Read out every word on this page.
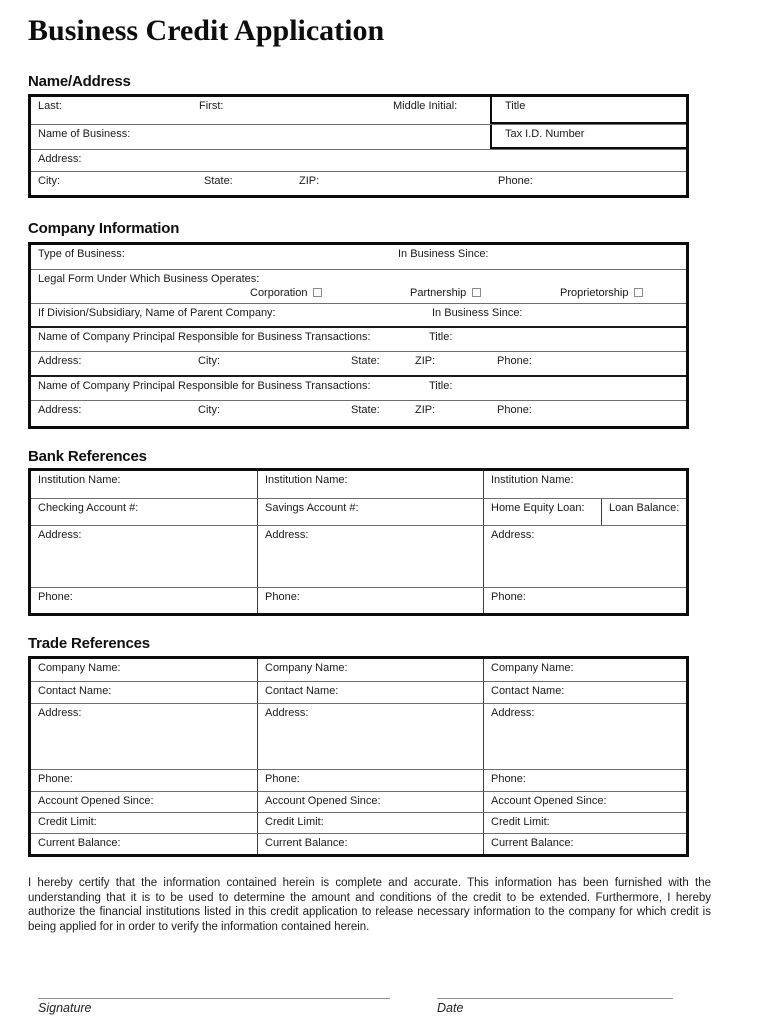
Business Credit Application
Name/Address
Last:	First:	Middle Initial:	Title
Name of Business:	Tax I.D. Number
Address:
City:	State:	ZIP:	Phone:
Company Information
Type of Business:	In Business Since:
Legal Form Under Which Business Operates:
Corporation	Partnership	Proprietorship
If Division/Subsidiary, Name of Parent Company:	In Business Since:
Name of Company Principal Responsible for Business Transactions:	Title:
Address:	City:	State:	ZIP:	Phone:
Name of Company Principal Responsible for Business Transactions:	Title:
Address:	City:	State:	ZIP:	Phone:
Bank References
Institution Name:	Institution Name:	Institution Name:
Checking Account #:	Savings Account #:	Home Equity Loan: Loan Balance:
Address:	Address:	Address:
Phone:	Phone:	Phone:
Trade References
Company Name:	Company Name:	Company Name:
Contact Name:	Contact Name:	Contact Name:
Address:	Address:	Address:
Phone:	Phone:	Phone:
Account Opened Since:	Account Opened Since:	Account Opened Since:
Credit Limit:	Credit Limit:	Credit Limit:
Current Balance:	Current Balance:	Current Balance:

I hereby certify that the information contained herein is complete and accurate. This information has been furnished with the understanding that it is to be used to determine the amount and conditions of the credit to be extended. Furthermore, I hereby authorize the financial institutions listed in this credit application to release necessary information to the company for which credit is being applied for in order to verify the information contained herein.

Signature	Date
